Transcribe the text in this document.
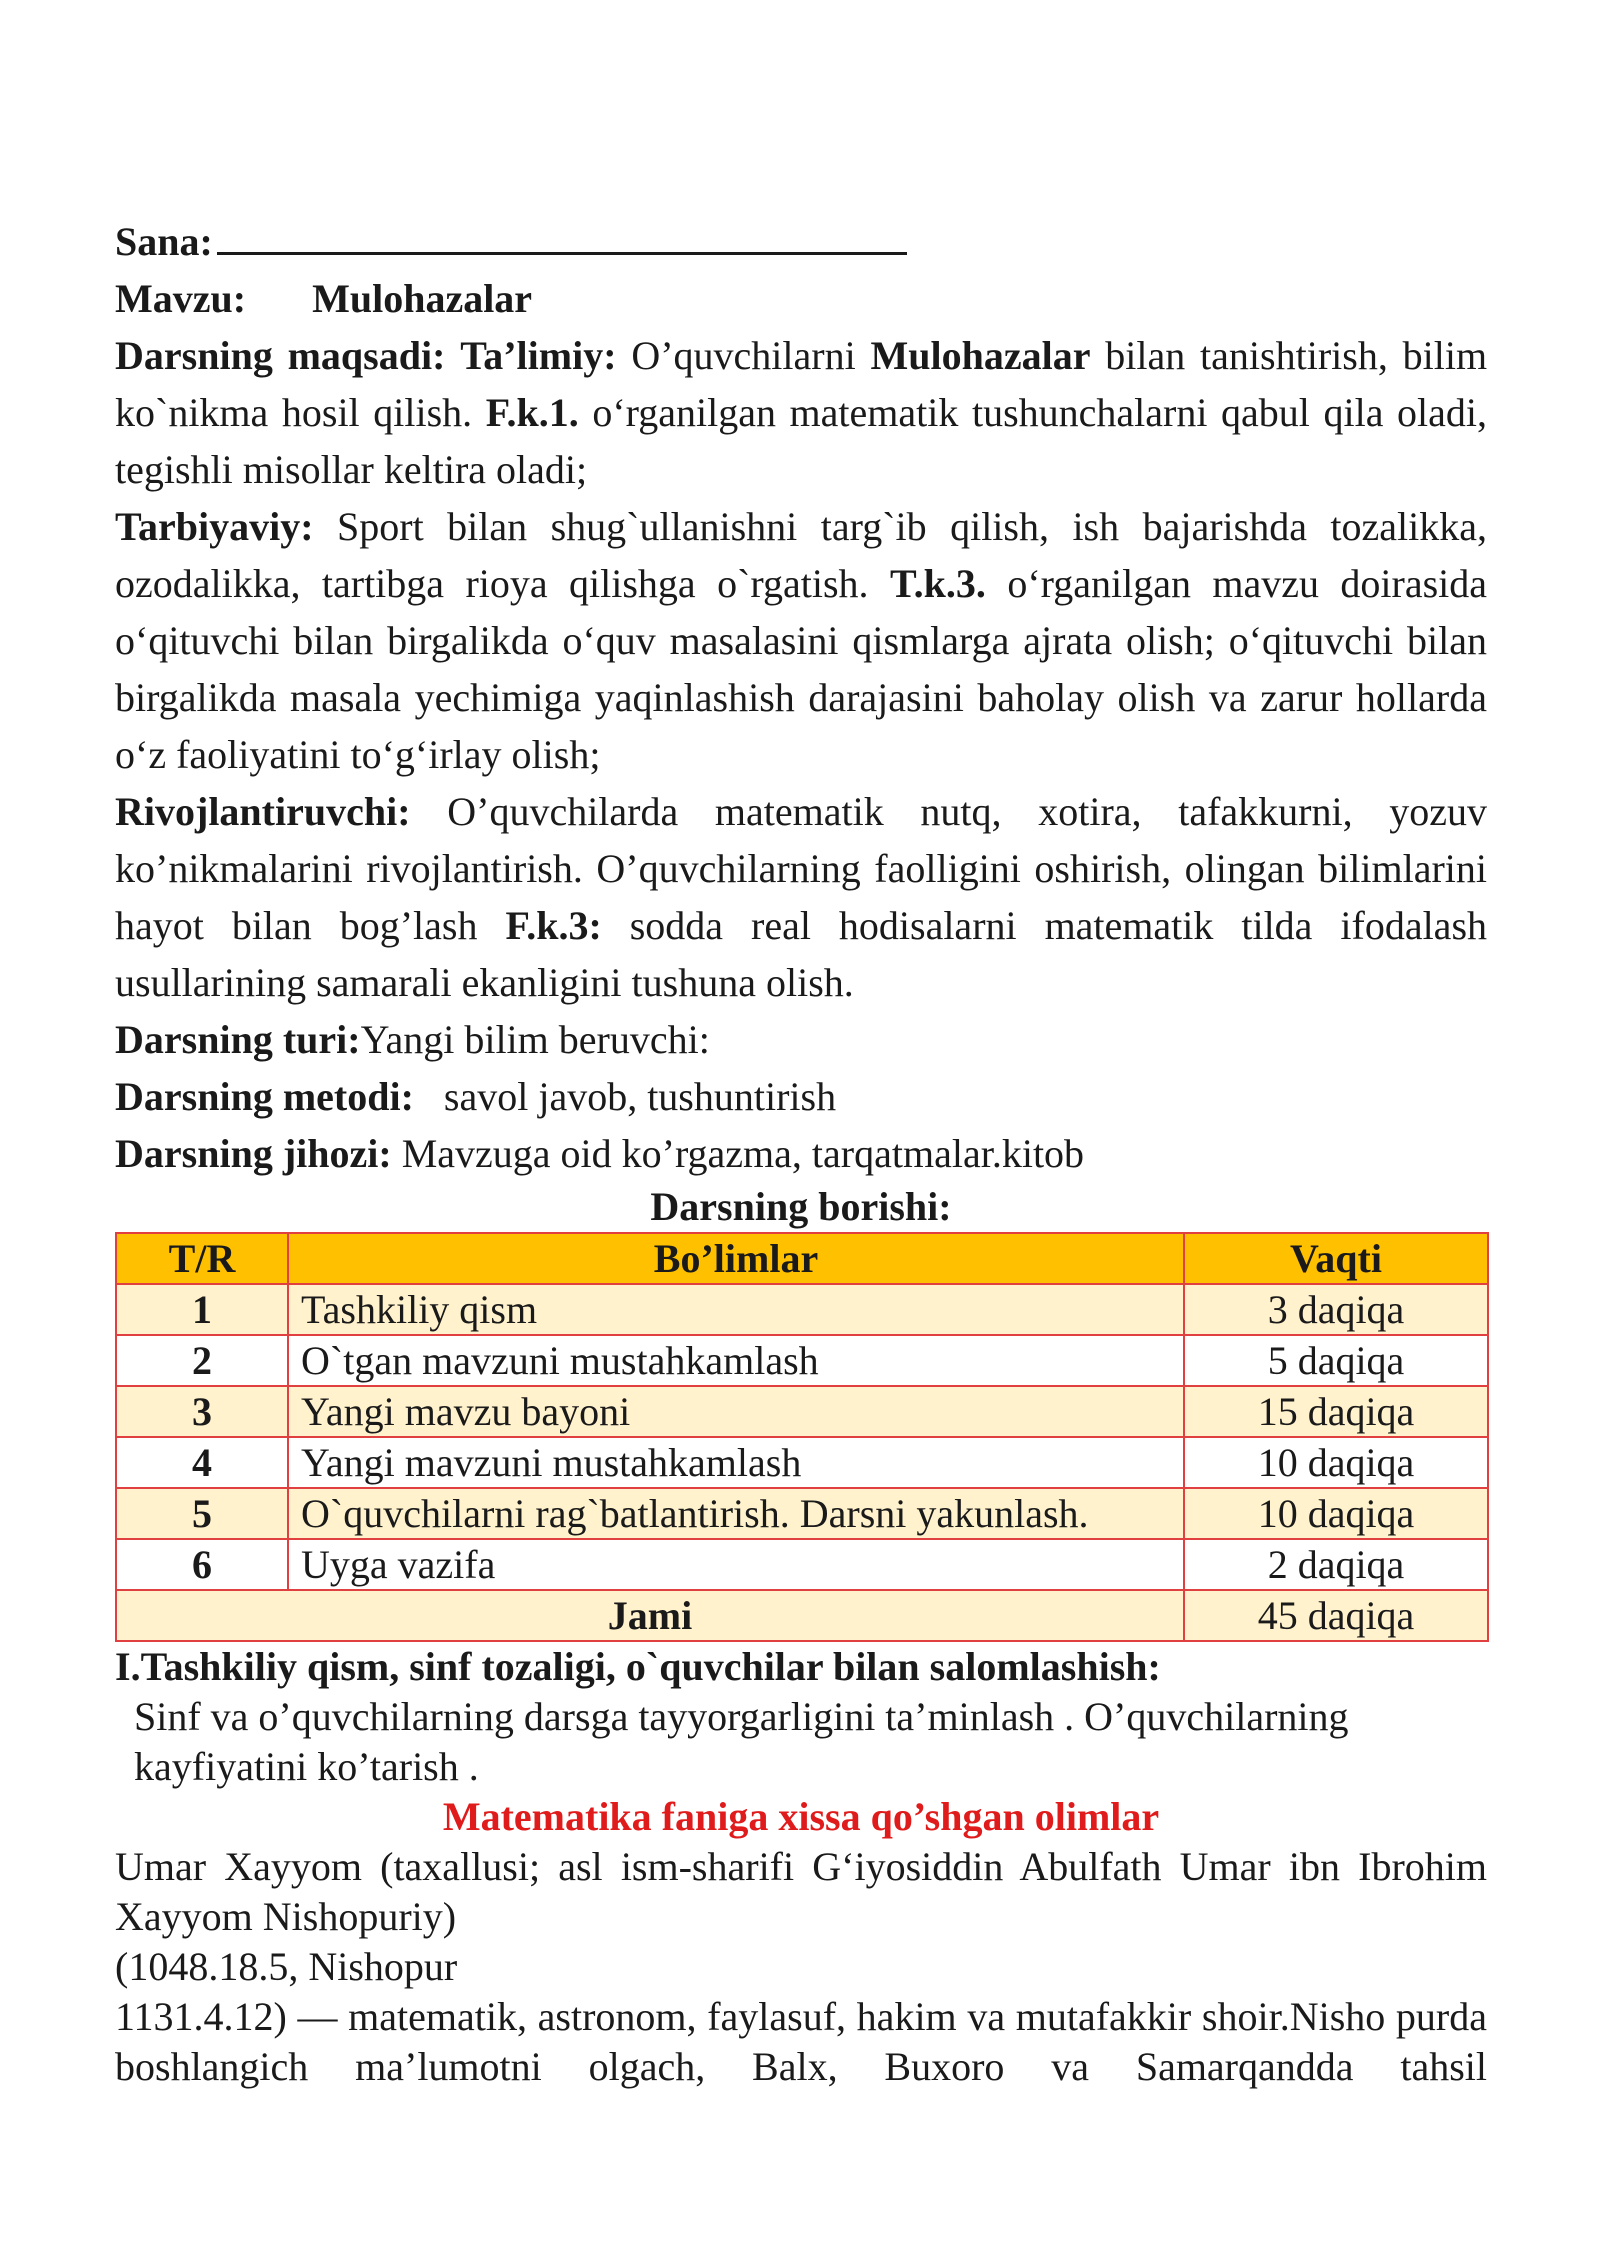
Sana:

Mavzu: Mulohazalar

Darsning maqsadi: Ta’limiy: O’quvchilarni Mulohazalar bilan tanishtirish, bilim ko`nikma hosil qilish. F.k.1. o‘rganilgan matematik tushunchalarni qabul qila oladi, tegishli misollar keltira oladi;

Tarbiyaviy: Sport bilan shug`ullanishni targ`ib qilish, ish bajarishda tozalikka, ozodalikka, tartibga rioya qilishga o`rgatish. T.k.3. o‘rganilgan mavzu doirasida o‘qituvchi bilan birgalikda o‘quv masalasini qismlarga ajrata olish; o‘qituvchi bilan birgalikda masala yechimiga yaqinlashish darajasini baholay olish va zarur hollarda o‘z faoliyatini to‘g‘irlay olish;

Rivojlantiruvchi: O’quvchilarda matematik nutq, xotira, tafakkurni, yozuv ko’nikmalarini rivojlantirish. O’quvchilarning faolligini oshirish, olingan bilimlarini hayot bilan bog’lash F.k.3: sodda real hodisalarni matematik tilda ifodalash usullarining samarali ekanligini tushuna olish.

Darsning turi:Yangi bilim beruvchi:

Darsning metodi: savol javob, tushuntirish

Darsning jihozi: Mavzuga oid ko’rgazma, tarqatmalar.kitob

Darsning borishi:

T/R	Bo’limlar	Vaqti
1	Tashkiliy qism	3 daqiqa
2	O`tgan mavzuni mustahkamlash	5 daqiqa
3	Yangi mavzu bayoni	15 daqiqa
4	Yangi mavzuni mustahkamlash	10 daqiqa
5	O`quvchilarni rag`batlantirish. Darsni yakunlash.	10 daqiqa
6	Uyga vazifa	2 daqiqa
Jami		45 daqiqa

I.Tashkiliy qism, sinf tozaligi, o`quvchilar bilan salomlashish:

Sinf va o’quvchilarning darsga tayyorgarligini ta’minlash . O’quvchilarning kayfiyatini ko’tarish .

Matematika faniga xissa qo’shgan olimlar

Umar Xayyom (taxallusi; asl ism-sharifi G‘iyosiddin Abulfath Umar ibn Ibrohim Xayyom Nishopuriy)

(1048.18.5, Nishopur

1131.4.12) — matematik, astronom, faylasuf, hakim va mutafakkir shoir.Nisho purda boshlangich ma’lumotni olgach, Balx, Buxoro va Samarqandda tahsil
